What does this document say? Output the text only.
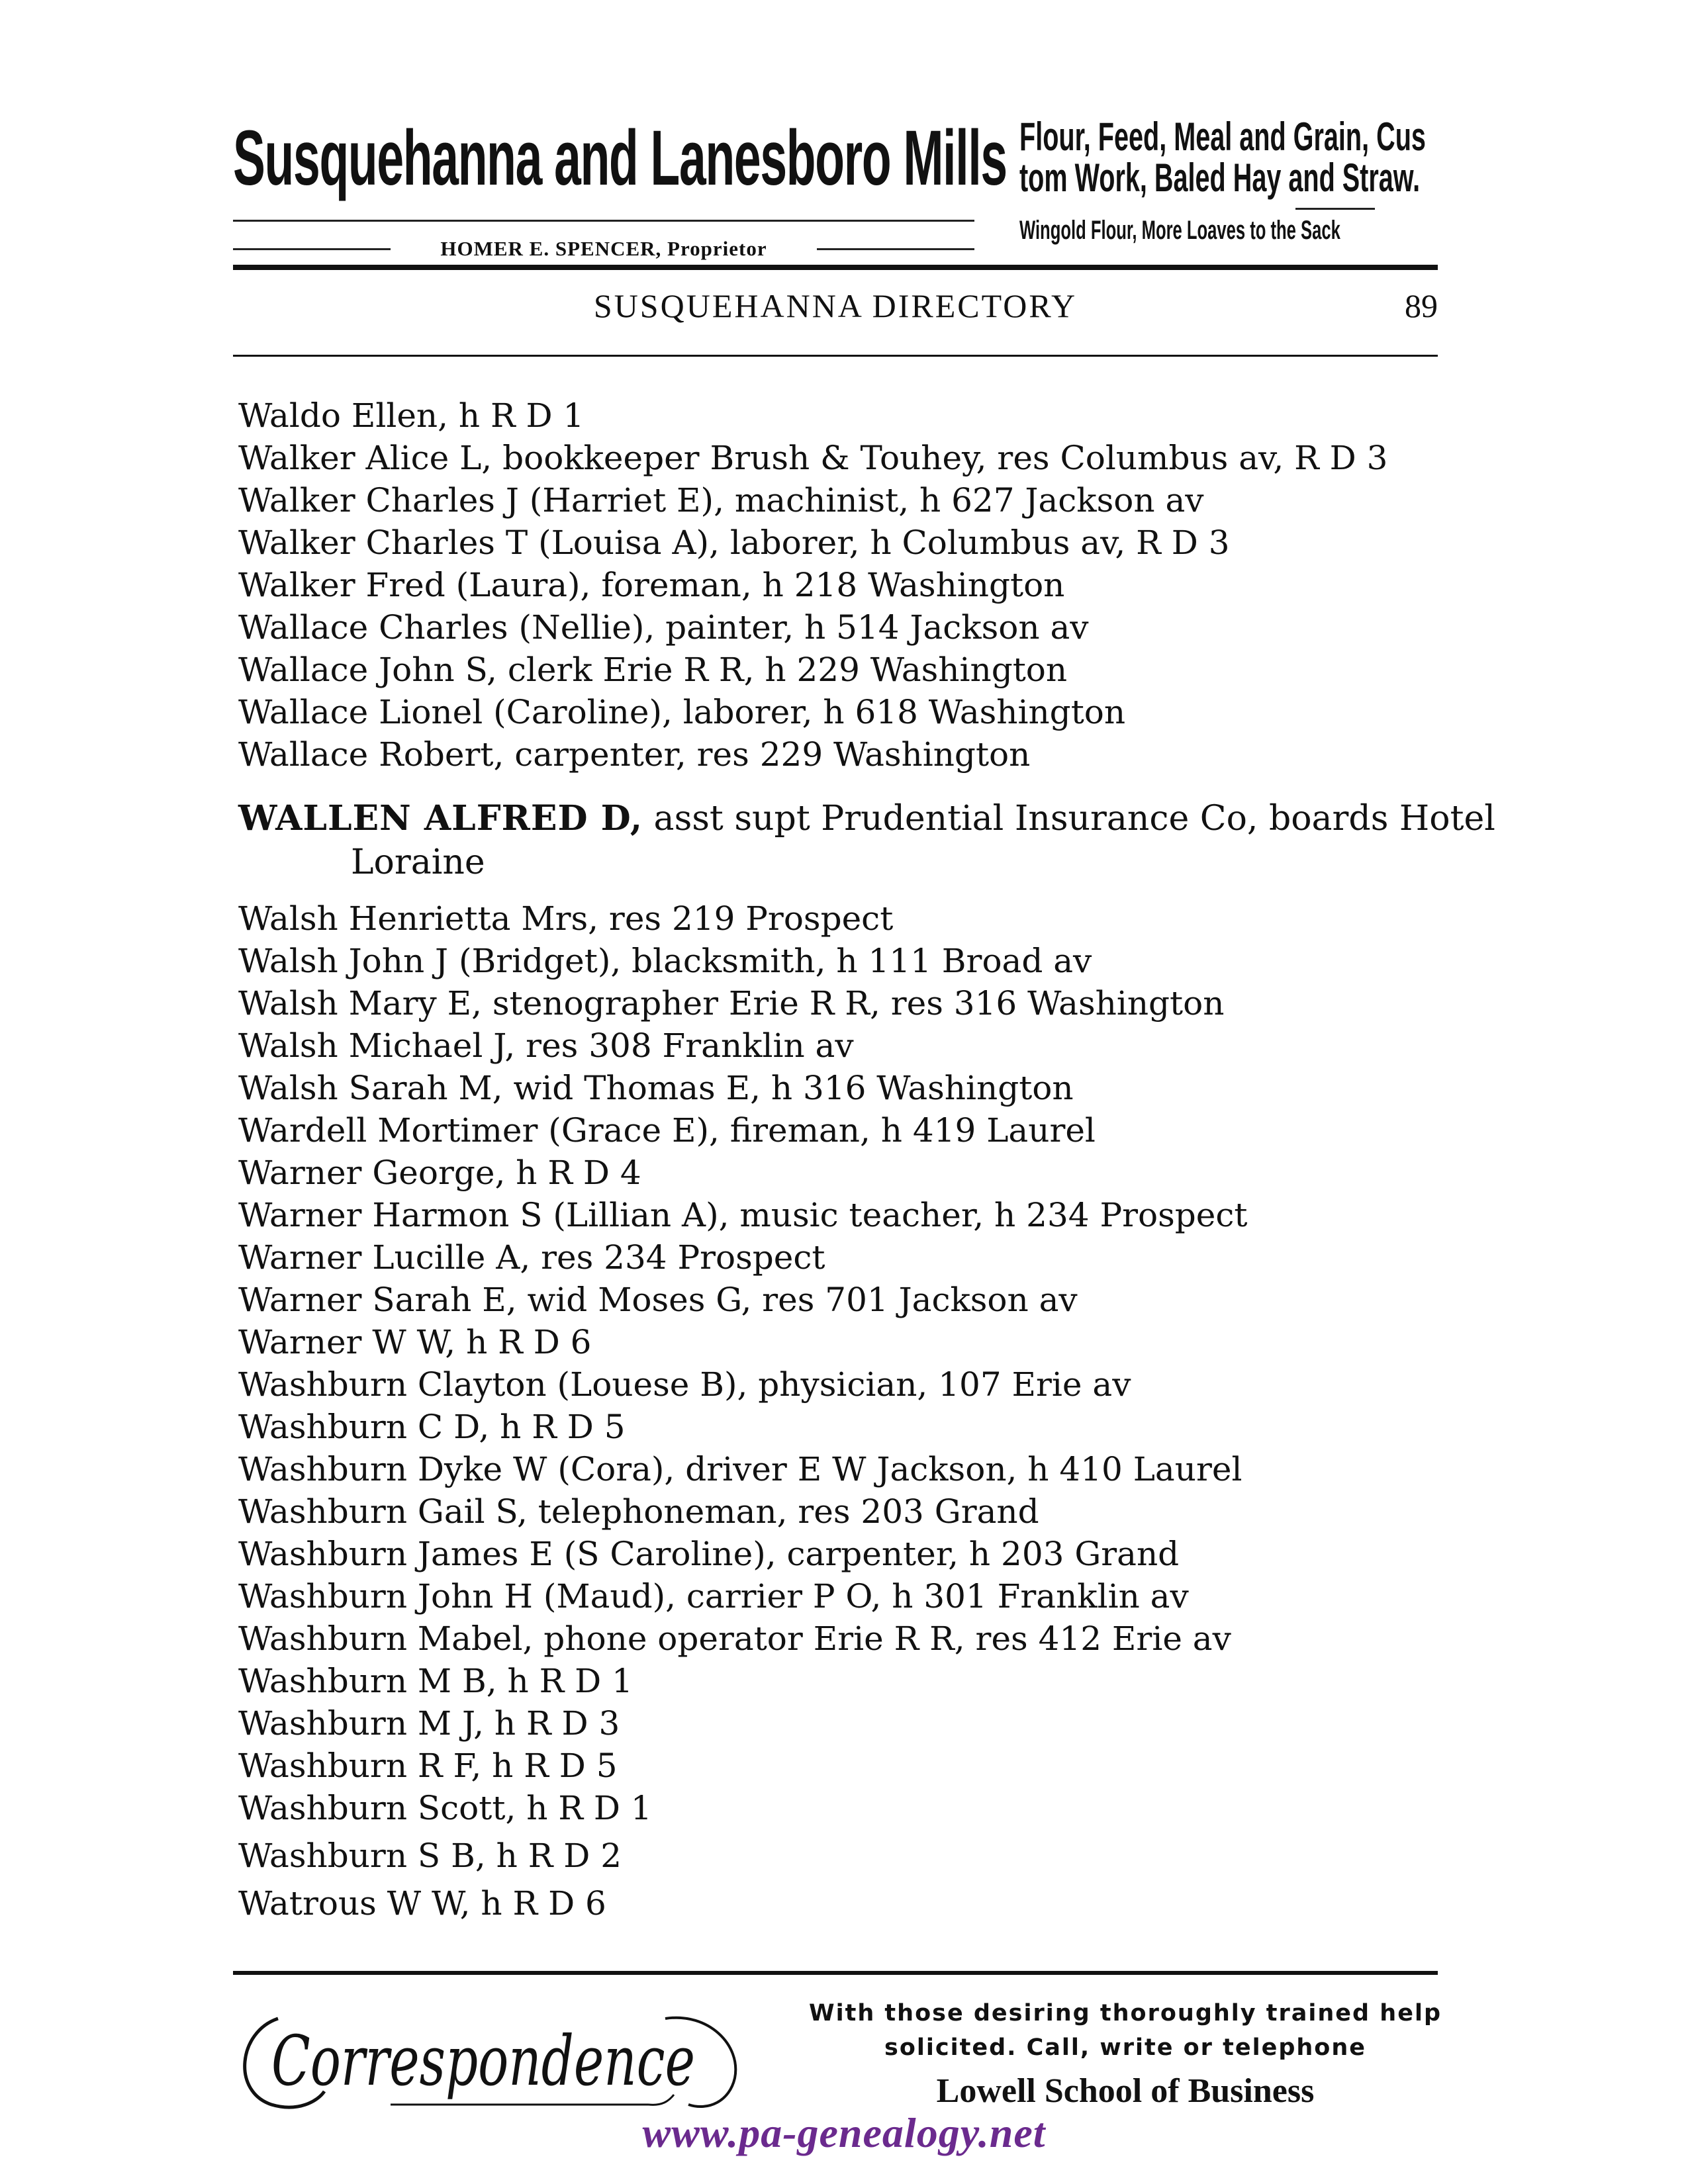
Susquehanna and Lanesboro Mills
HOMER E. SPENCER, Proprietor
Flour, Feed, Meal and Grain, Cus
tom Work, Baled Hay and Straw.
Wingold Flour, More Loaves to the Sack
SUSQUEHANNA DIRECTORY	89
Waldo Ellen, h R D 1
Walker Alice L, bookkeeper Brush & Touhey, res Columbus av, R D 3
Walker Charles J (Harriet E), machinist, h 627 Jackson av
Walker Charles T (Louisa A), laborer, h Columbus av, R D 3
Walker Fred (Laura), foreman, h 218 Washington
Wallace Charles (Nellie), painter, h 514 Jackson av
Wallace John S, clerk Erie R R, h 229 Washington
Wallace Lionel (Caroline), laborer, h 618 Washington
Wallace Robert, carpenter, res 229 Washington
WALLEN ALFRED D, asst supt Prudential Insurance Co, boards Hotel Loraine
Walsh Henrietta Mrs, res 219 Prospect
Walsh John J (Bridget), blacksmith, h 111 Broad av
Walsh Mary E, stenographer Erie R R, res 316 Washington
Walsh Michael J, res 308 Franklin av
Walsh Sarah M, wid Thomas E, h 316 Washington
Wardell Mortimer (Grace E), fireman, h 419 Laurel
Warner George, h R D 4
Warner Harmon S (Lillian A), music teacher, h 234 Prospect
Warner Lucille A, res 234 Prospect
Warner Sarah E, wid Moses G, res 701 Jackson av
Warner W W, h R D 6
Washburn Clayton (Louese B), physician, 107 Erie av
Washburn C D, h R D 5
Washburn Dyke W (Cora), driver E W Jackson, h 410 Laurel
Washburn Gail S, telephoneman, res 203 Grand
Washburn James E (S Caroline), carpenter, h 203 Grand
Washburn John H (Maud), carrier P O, h 301 Franklin av
Washburn Mabel, phone operator Erie R R, res 412 Erie av
Washburn M B, h R D 1
Washburn M J, h R D 3
Washburn R F, h R D 5
Washburn Scott, h R D 1
Washburn S B, h R D 2
Watrous W W, h R D 6
Correspondence
With those desiring thoroughly trained help
solicited. Call, write or telephone
Lowell School of Business
www.pa-genealogy.net
